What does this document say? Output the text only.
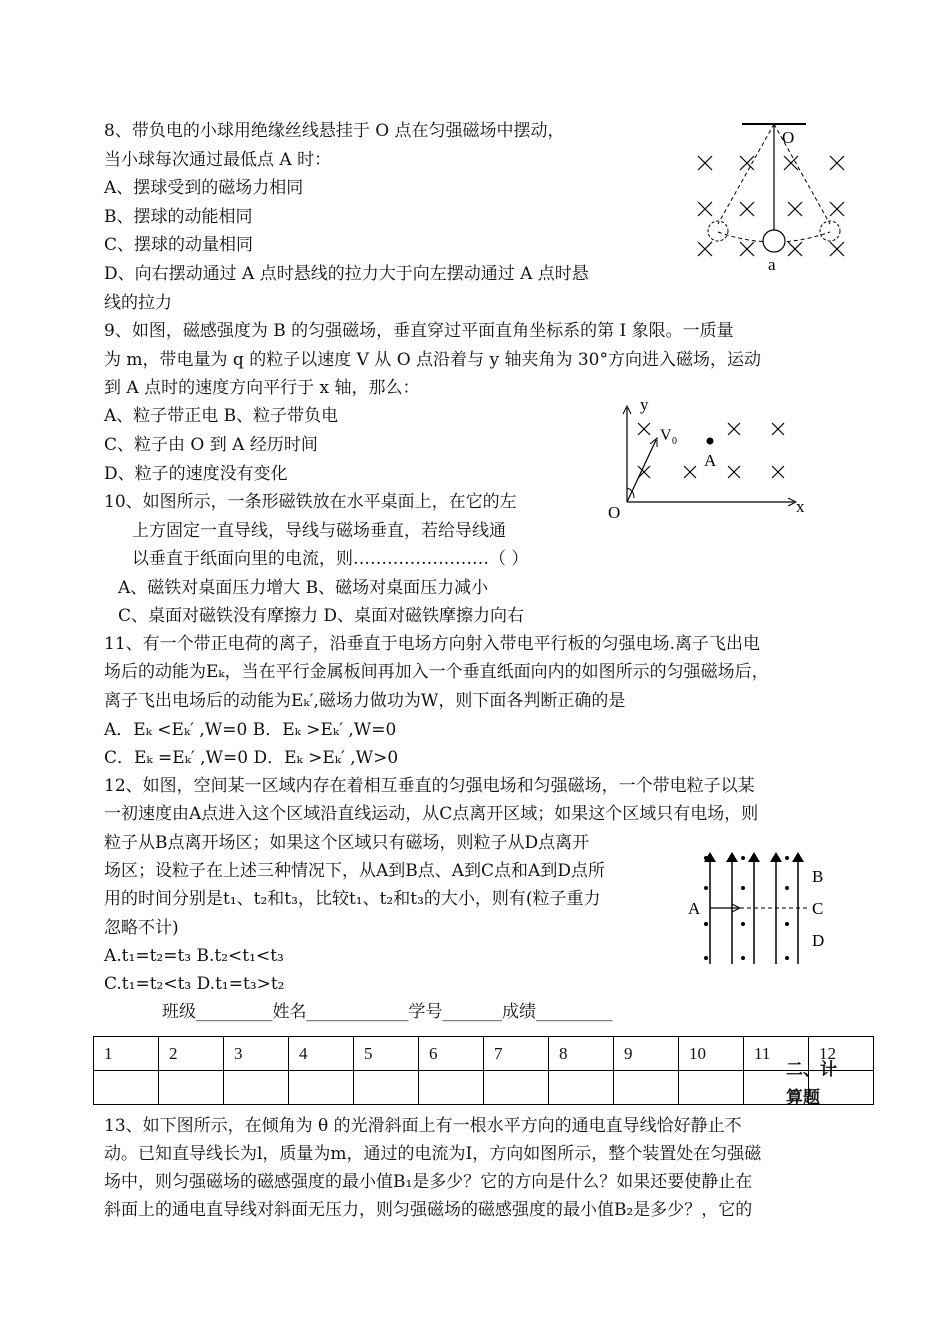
8、带负电的小球用绝缘丝线悬挂于 O 点在匀强磁场中摆动，
当小球每次通过最低点 A 时：
A、摆球受到的磁场力相同
B、摆球的动能相同
C、摆球的动量相同
D、向右摆动通过 A 点时悬线的拉力大于向左摆动通过 A 点时悬
线的拉力
O
a
9、如图，磁感强度为 B 的匀强磁场，垂直穿过平面直角坐标系的第 I 象限。一质量
为 m，带电量为 q 的粒子以速度 V 从 O 点沿着与 y 轴夹角为 30°方向进入磁场，运动
到 A 点时的速度方向平行于 x 轴，那么：
A、粒子带正电 B、粒子带负电
C、粒子由 O 到 A 经历时间
D、粒子的速度没有变化
y
x
O
V 0
A
10、如图所示，一条形磁铁放在水平桌面上，在它的左
上方固定一直导线，导线与磁场垂直，若给导线通
以垂直于纸面向里的电流，则……………………（ ）
A、磁铁对桌面压力增大 B、磁场对桌面压力减小
C、桌面对磁铁没有摩擦力 D、桌面对磁铁摩擦力向右
11、有一个带正电荷的离子，沿垂直于电场方向射入带电平行板的匀强电场.离子飞出电
场后的动能为Eₖ，当在平行金属板间再加入一个垂直纸面向内的如图所示的匀强磁场后，
离子飞出电场后的动能为Eₖ′,磁场力做功为W，则下面各判断正确的是
A．Eₖ <Eₖ′ ,W=0 B．Eₖ >Eₖ′ ,W=0
C．Eₖ =Eₖ′ ,W=0 D．Eₖ >Eₖ′ ,W>0
12、如图，空间某一区域内存在着相互垂直的匀强电场和匀强磁场，一个带电粒子以某
一初速度由A点进入这个区域沿直线运动，从C点离开区域；如果这个区域只有电场，则
粒子从B点离开场区；如果这个区域只有磁场，则粒子从D点离开
场区；设粒子在上述三种情况下，从A到B点、A到C点和A到D点所
用的时间分别是t₁、t₂和t₃，比较t₁、t₂和t₃的大小，则有(粒子重力
忽略不计)
A.t₁=t₂=t₃ B.t₂<t₁<t₃
C.t₁=t₂<t₃ D.t₁=t₃>t₂
A
B
C
D
班级_________姓名____________学号_______成绩_________
1	2	3	4	5	6	7	8	9	10	11	12

二、计
算题
13、如下图所示，在倾角为 θ 的光滑斜面上有一根水平方向的通电直导线恰好静止不
动。已知直导线长为l，质量为m，通过的电流为I，方向如图所示，整个装置处在匀强磁
场中，则匀强磁场的磁感强度的最小值B₁是多少？它的方向是什么？如果还要使静止在
斜面上的通电直导线对斜面无压力，则匀强磁场的磁感强度的最小值B₂是多少？，它的
